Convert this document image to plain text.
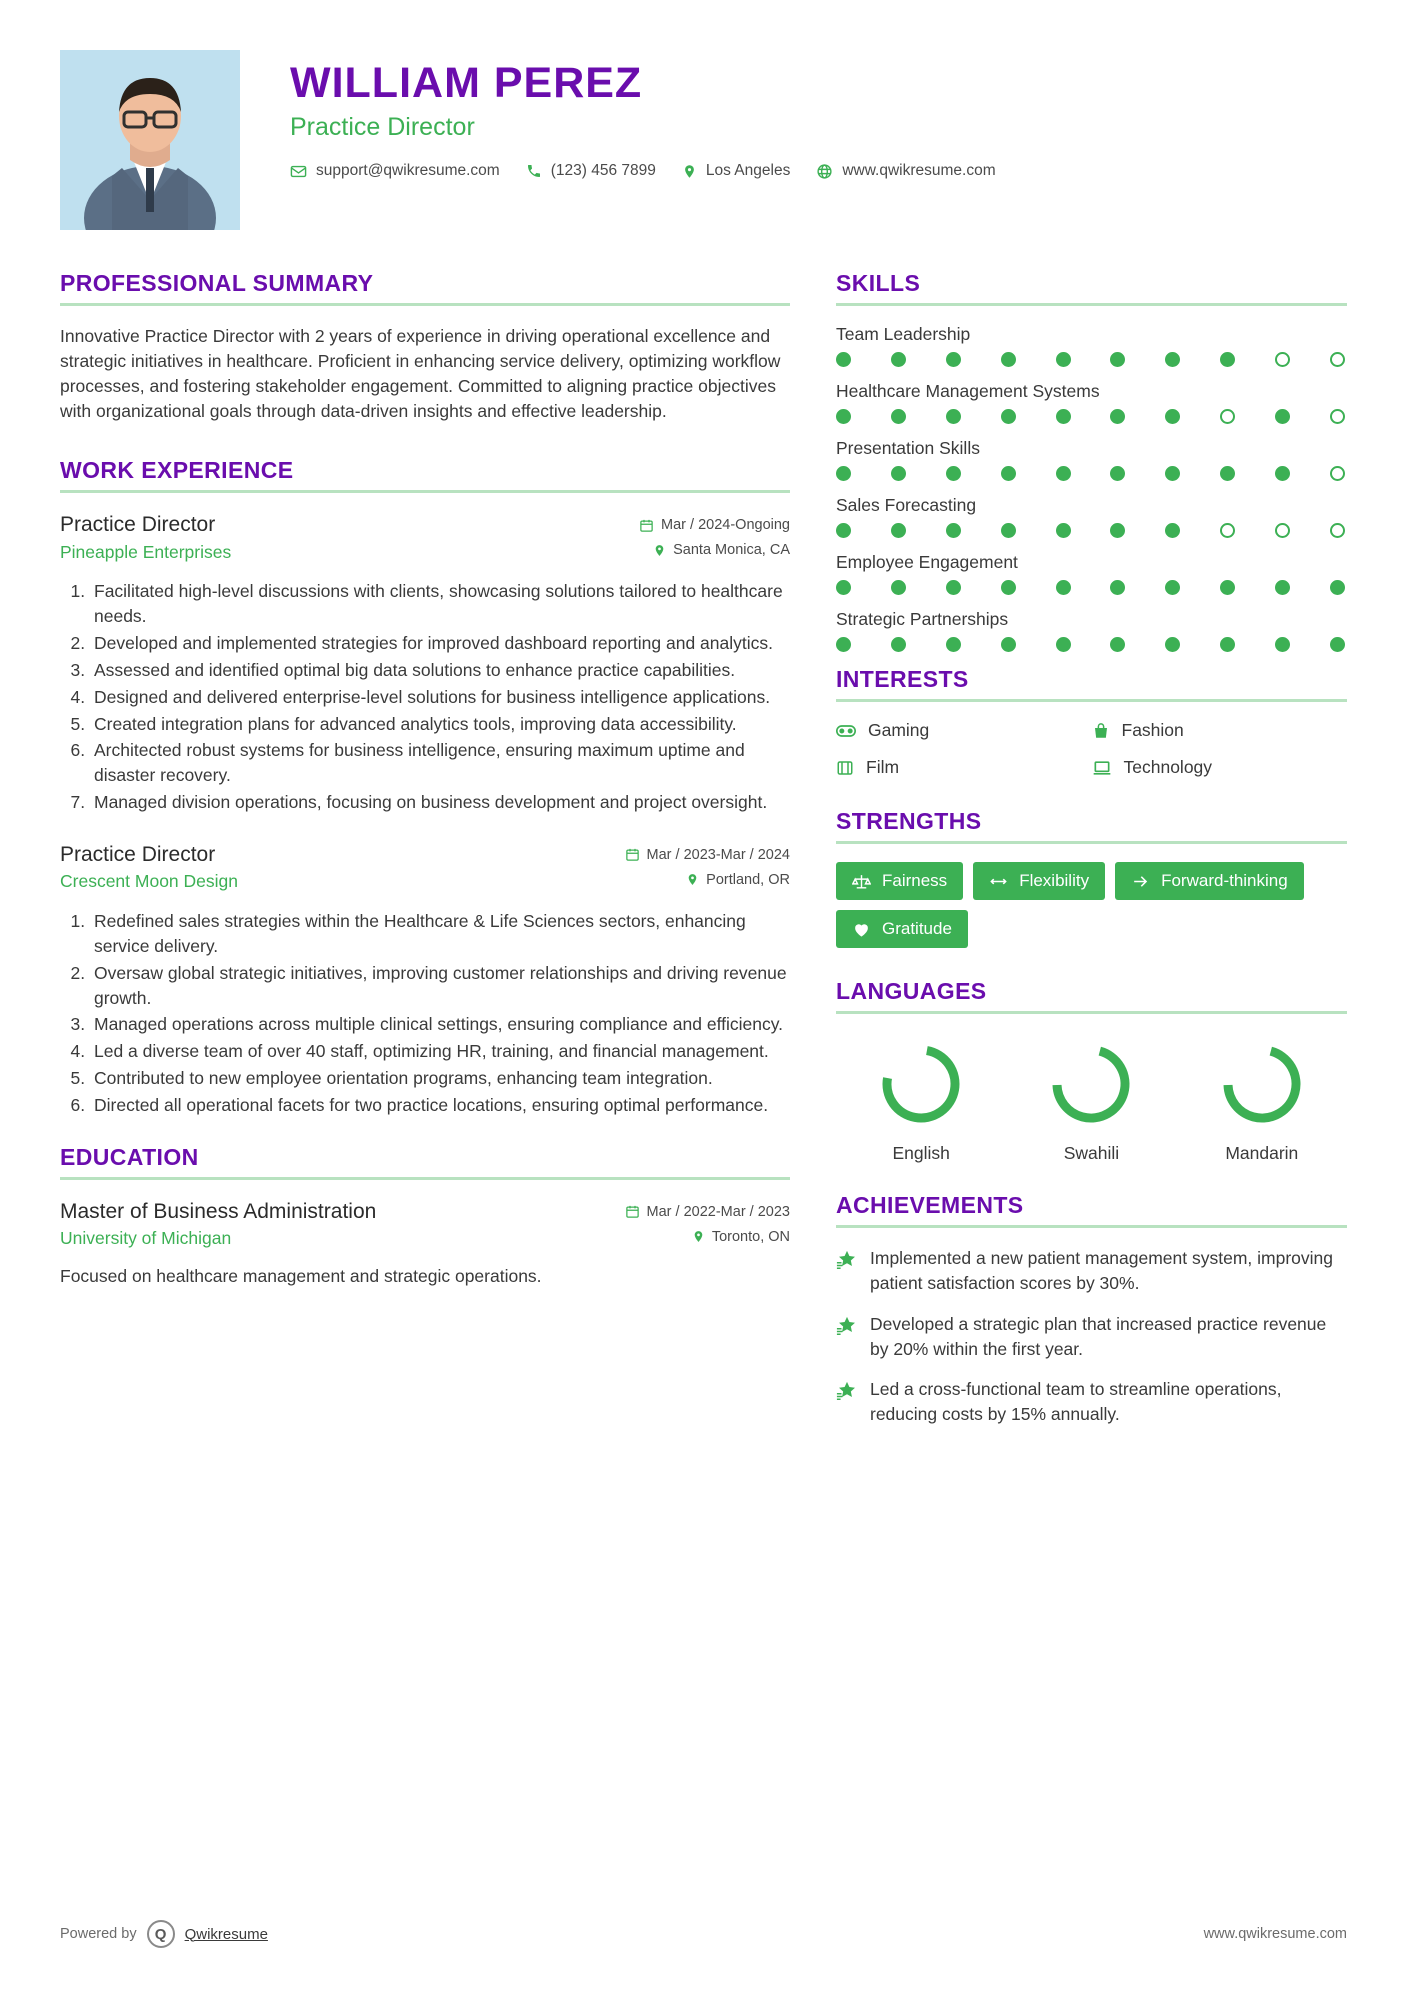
WILLIAM PEREZ
Practice Director
support@qwikresume.com	(123) 456 7899	Los Angeles	www.qwikresume.com
PROFESSIONAL SUMMARY

Innovative Practice Director with 2 years of experience in driving operational excellence and strategic initiatives in healthcare. Proficient in enhancing service delivery, optimizing workflow processes, and fostering stakeholder engagement. Committed to aligning practice objectives with organizational goals through data-driven insights and effective leadership.

WORK EXPERIENCE
Practice Director
Pineapple Enterprises
Mar / 2024-Ongoing
Santa Monica, CA
1. Facilitated high-level discussions with clients, showcasing solutions tailored to healthcare needs.
2. Developed and implemented strategies for improved dashboard reporting and analytics.
3. Assessed and identified optimal big data solutions to enhance practice capabilities.
4. Designed and delivered enterprise-level solutions for business intelligence applications.
5. Created integration plans for advanced analytics tools, improving data accessibility.
6. Architected robust systems for business intelligence, ensuring maximum uptime and disaster recovery.
7. Managed division operations, focusing on business development and project oversight.
Practice Director
Crescent Moon Design
Mar / 2023-Mar / 2024
Portland, OR
1. Redefined sales strategies within the Healthcare & Life Sciences sectors, enhancing service delivery.
2. Oversaw global strategic initiatives, improving customer relationships and driving revenue growth.
3. Managed operations across multiple clinical settings, ensuring compliance and efficiency.
4. Led a diverse team of over 40 staff, optimizing HR, training, and financial management.
5. Contributed to new employee orientation programs, enhancing team integration.
6. Directed all operational facets for two practice locations, ensuring optimal performance.
EDUCATION
Master of Business Administration
University of Michigan
Mar / 2022-Mar / 2023
Toronto, ON

Focused on healthcare management and strategic operations.

SKILLS
Team Leadership
Healthcare Management Systems
Presentation Skills
Sales Forecasting
Employee Engagement
Strategic Partnerships
INTERESTS
Gaming	Fashion
Film	Technology
STRENGTHS
Fairness	Flexibility	Forward-thinking
Gratitude
LANGUAGES
English	Swahili	Mandarin
ACHIEVEMENTS
Implemented a new patient management system, improving patient satisfaction scores by 30%.
Developed a strategic plan that increased practice revenue by 20% within the first year.
Led a cross-functional team to streamline operations, reducing costs by 15% annually.
Powered by	Q	Qwikresume	www.qwikresume.com
